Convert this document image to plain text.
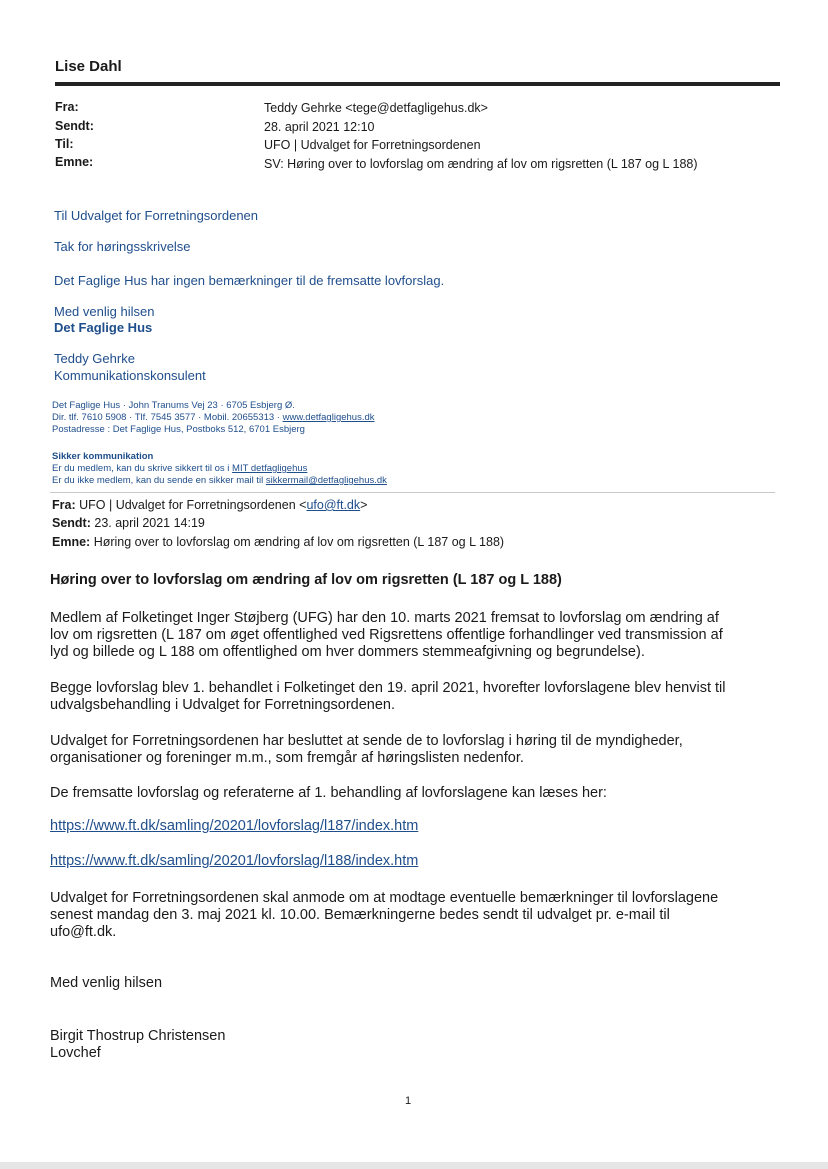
Lise Dahl
Fra:	Teddy Gehrke <tege@detfagligehus.dk>
Sendt:	28. april 2021 12:10
Til:	UFO | Udvalget for Forretningsordenen
Emne:	SV: Høring over to lovforslag om ændring af lov om rigsretten (L 187 og L 188)
Til Udvalget for Forretningsordenen
Tak for høringsskrivelse
Det Faglige Hus har ingen bemærkninger til de fremsatte lovforslag.
Med venlig hilsen
Det Faglige Hus
Teddy Gehrke
Kommunikationskonsulent
Det Faglige Hus · John Tranums Vej 23 · 6705 Esbjerg Ø.
Dir. tlf. 7610 5908 · Tlf. 7545 3577 · Mobil. 20655313 · www.detfagligehus.dk
Postadresse : Det Faglige Hus, Postboks 512, 6701 Esbjerg
Sikker kommunikation
Er du medlem, kan du skrive sikkert til os i MIT detfagligehus
Er du ikke medlem, kan du sende en sikker mail til sikkermail@detfagligehus.dk
Fra: UFO | Udvalget for Forretningsordenen <ufo@ft.dk>
Sendt: 23. april 2021 14:19
Emne: Høring over to lovforslag om ændring af lov om rigsretten (L 187 og L 188)
Høring over to lovforslag om ændring af lov om rigsretten (L 187 og L 188)
Medlem af Folketinget Inger Støjberg (UFG) har den 10. marts 2021 fremsat to lovforslag om ændring af
lov om rigsretten (L 187 om øget offentlighed ved Rigsrettens offentlige forhandlinger ved transmission af
lyd og billede og L 188 om offentlighed om hver dommers stemmeafgivning og begrundelse).
Begge lovforslag blev 1. behandlet i Folketinget den 19. april 2021, hvorefter lovforslagene blev henvist til
udvalgsbehandling i Udvalget for Forretningsordenen.
Udvalget for Forretningsordenen har besluttet at sende de to lovforslag i høring til de myndigheder,
organisationer og foreninger m.m., som fremgår af høringslisten nedenfor.
De fremsatte lovforslag og referaterne af 1. behandling af lovforslagene kan læses her:
https://www.ft.dk/samling/20201/lovforslag/l187/index.htm
https://www.ft.dk/samling/20201/lovforslag/l188/index.htm
Udvalget for Forretningsordenen skal anmode om at modtage eventuelle bemærkninger til lovforslagene
senest mandag den 3. maj 2021 kl. 10.00. Bemærkningerne bedes sendt til udvalget pr. e-mail til
ufo@ft.dk.
Med venlig hilsen
Birgit Thostrup Christensen
Lovchef
1
